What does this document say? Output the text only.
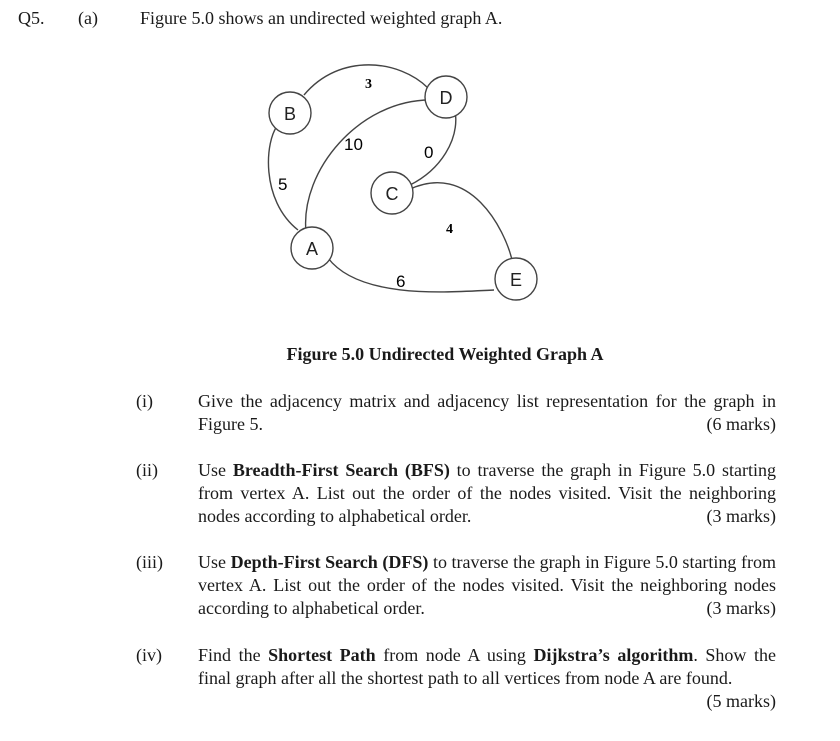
Q5. (a) Figure 5.0 shows an undirected weighted graph A.
3
10	0
5
4
6
B
D
C
A
E
Figure 5.0 Undirected Weighted Graph A
(i)	Give the adjacency matrix and adjacency list representation for the graph in Figure 5.	(6 marks)
(ii)	Use Breadth-First Search (BFS) to traverse the graph in Figure 5.0 starting from vertex A. List out the order of the nodes visited. Visit the neighboring nodes according to alphabetical order.	(3 marks)
(iii)	Use Depth-First Search (DFS) to traverse the graph in Figure 5.0 starting from vertex A. List out the order of the nodes visited. Visit the neighboring nodes according to alphabetical order.	(3 marks)
(iv)	Find the Shortest Path from node A using Dijkstra’s algorithm. Show the final graph after all the shortest path to all vertices from node A are found.
(5 marks)
